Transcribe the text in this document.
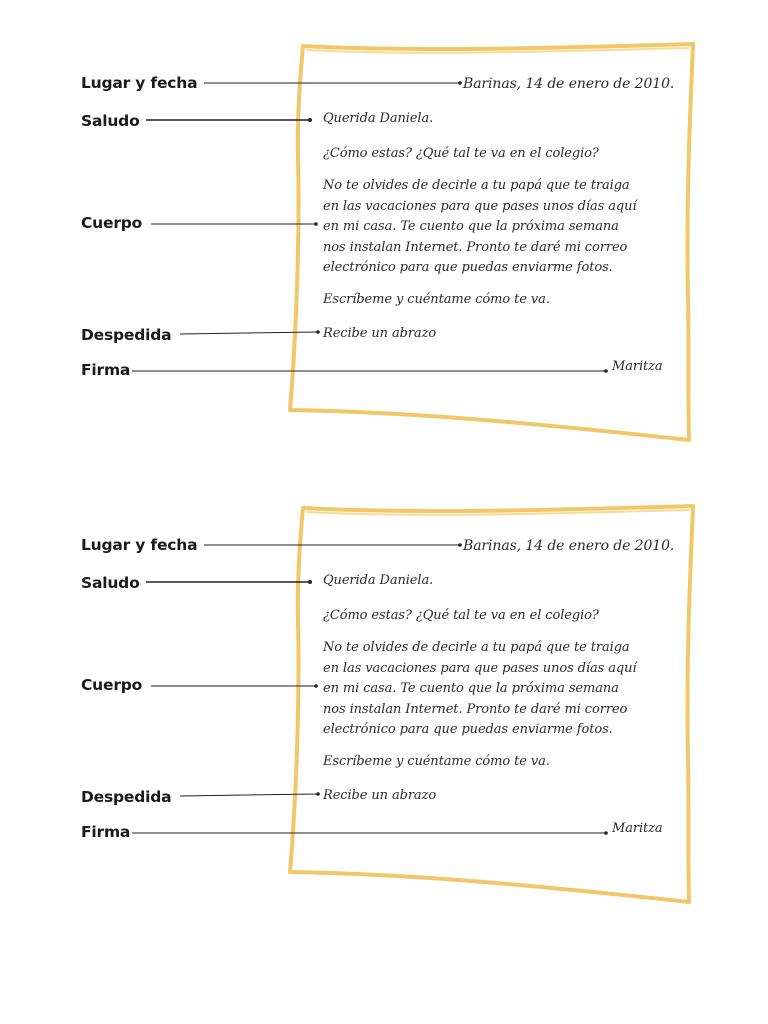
Lugar y fecha
Saludo
Cuerpo
Despedida
Firma
Barinas, 14 de enero de 2010.
Querida Daniela.
¿Cómo estas? ¿Qué tal te va en el colegio?
No te olvides de decirle a tu papá que te traiga
en las vacaciones para que pases unos días aquí
en mi casa. Te cuento que la próxima semana
nos instalan Internet. Pronto te daré mi correo
electrónico para que puedas enviarme fotos.
Escríbeme y cuéntame cómo te va.
Recibe un abrazo
Maritza
Lugar y fecha
Saludo
Cuerpo
Despedida
Firma
Barinas, 14 de enero de 2010.
Querida Daniela.
¿Cómo estas? ¿Qué tal te va en el colegio?
No te olvides de decirle a tu papá que te traiga
en las vacaciones para que pases unos días aquí
en mi casa. Te cuento que la próxima semana
nos instalan Internet. Pronto te daré mi correo
electrónico para que puedas enviarme fotos.
Escríbeme y cuéntame cómo te va.
Recibe un abrazo
Maritza
